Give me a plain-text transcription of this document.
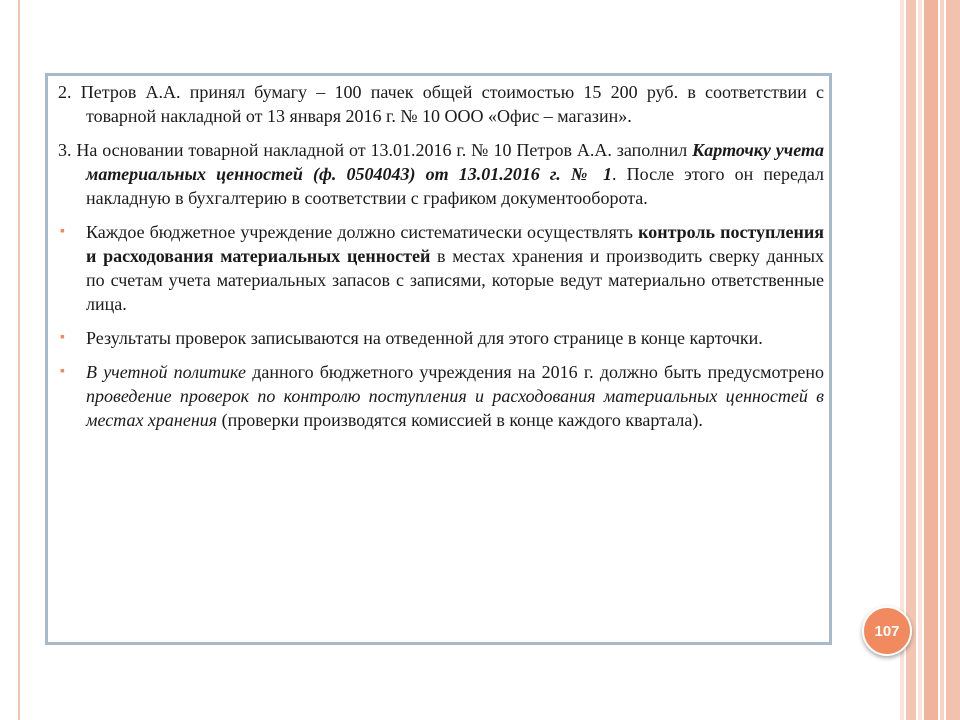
2. Петров А.А. принял бумагу – 100 пачек общей стоимостью 15 200 руб. в соответствии с товарной накладной от 13 января 2016 г. № 10 ООО «Офис – магазин».

3. На основании товарной накладной от 13.01.2016 г. № 10 Петров А.А. заполнил Карточку учета материальных ценностей (ф. 0504043) от 13.01.2016 г. № 1. После этого он передал накладную в бухгалтерию в соответствии с графиком документооборота.

▪ Каждое бюджетное учреждение должно систематически осуществлять контроль поступления и расходования материальных ценностей в местах хранения и производить сверку данных по счетам учета материальных запасов с записями, которые ведут материально ответственные лица.

▪ Результаты проверок записываются на отведенной для этого странице в конце карточки.

▪ В учетной политике данного бюджетного учреждения на 2016 г. должно быть предусмотрено проведение проверок по контролю поступления и расходования материальных ценностей в местах хранения (проверки производятся комиссией в конце каждого квартала).

107
